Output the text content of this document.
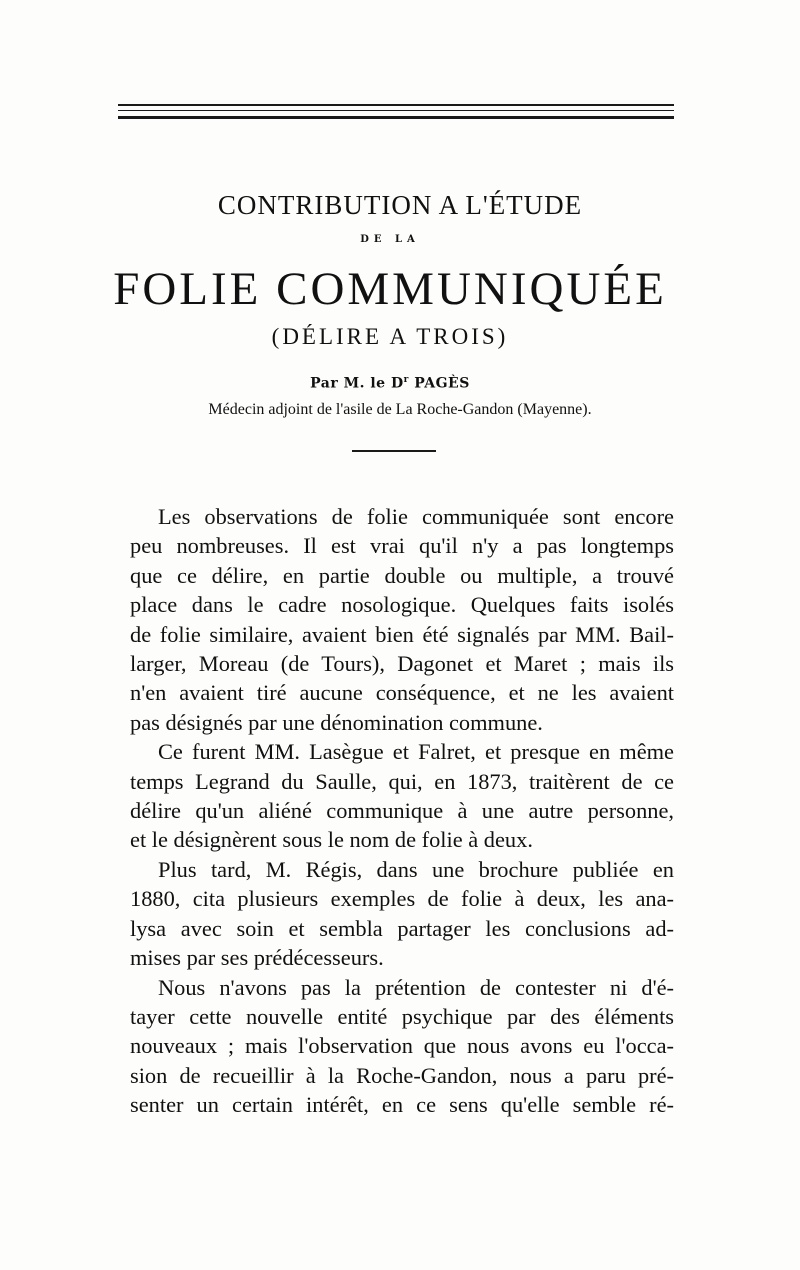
CONTRIBUTION A L'ÉTUDE
DE LA
FOLIE COMMUNIQUÉE
(DÉLIRE A TROIS)
Par M. le $D^r$ PAGÈS
Médecin adjoint de l'asile de La Roche-Gandon (Mayenne).
Les observations de folie communiquée sont encore
peu nombreuses. Il est vrai qu'il n'y a pas longtemps
que ce délire, en partie double ou multiple, a trouvé
place dans le cadre nosologique. Quelques faits isolés
de folie similaire, avaient bien été signalés par MM. Bail-
larger, Moreau (de Tours), Dagonet et Maret ; mais ils
n'en avaient tiré aucune conséquence, et ne les avaient
pas désignés par une dénomination commune.
Ce furent MM. Lasègue et Falret, et presque en même
temps Legrand du Saulle, qui, en 1873, traitèrent de ce
délire qu'un aliéné communique à une autre personne,
et le désignèrent sous le nom de folie à deux.
Plus tard, M. Régis, dans une brochure publiée en
1880, cita plusieurs exemples de folie à deux, les ana-
lysa avec soin et sembla partager les conclusions ad-
mises par ses prédécesseurs.
Nous n'avons pas la prétention de contester ni d'é-
tayer cette nouvelle entité psychique par des éléments
nouveaux ; mais l'observation que nous avons eu l'occa-
sion de recueillir à la Roche-Gandon, nous a paru pré-
senter un certain intérêt, en ce sens qu'elle semble ré-
